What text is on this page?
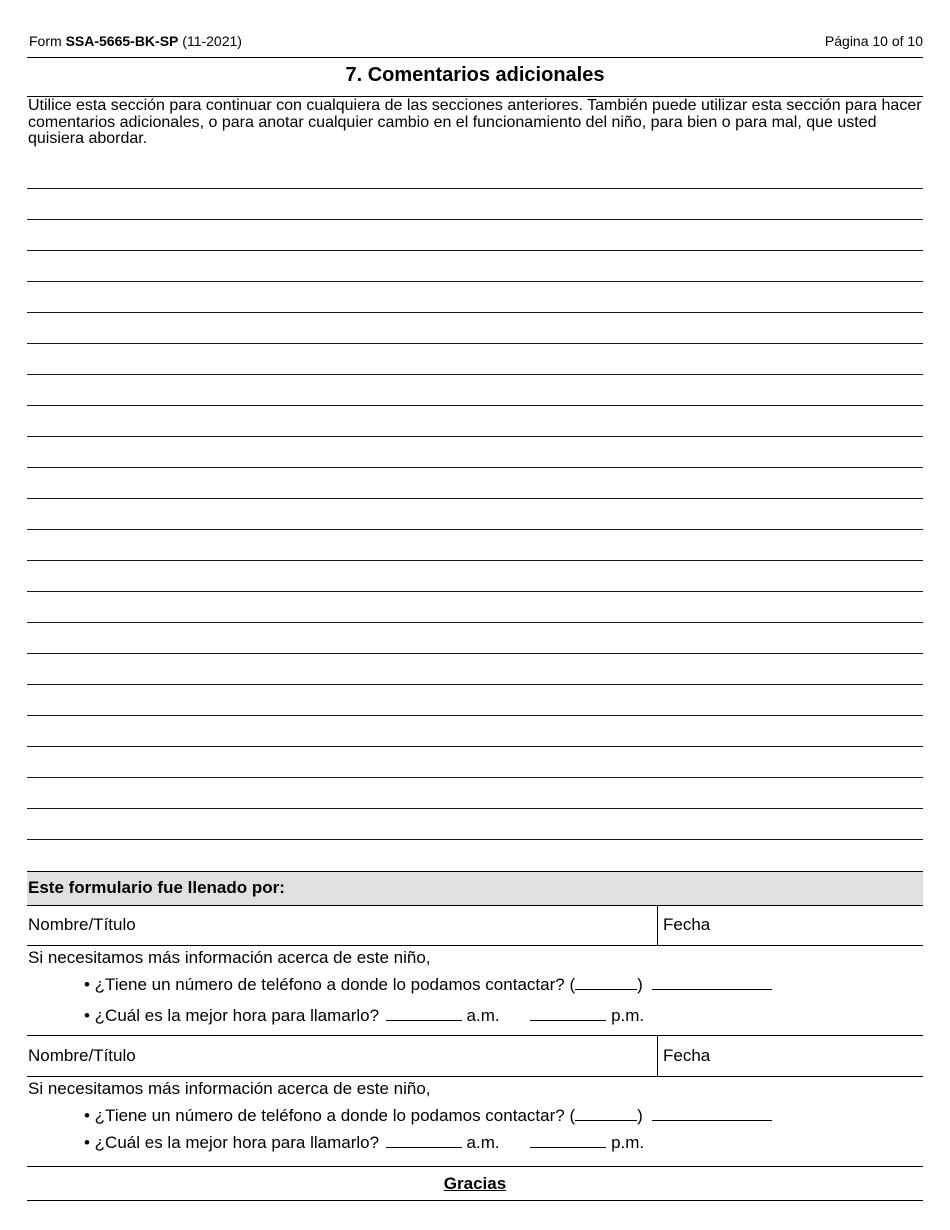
Form SSA-5665-BK-SP (11-2021)	Página 10 of 10
7. Comentarios adicionales
Utilice esta sección para continuar con cualquiera de las secciones anteriores. También puede utilizar esta sección para hacer comentarios adicionales, o para anotar cualquier cambio en el funcionamiento del niño, para bien o para mal, que usted quisiera abordar.
Este formulario fue llenado por:
Nombre/Título	Fecha
Si necesitamos más información acerca de este niño,
• ¿Tiene un número de teléfono a donde lo podamos contactar? (	)
• ¿Cuál es la mejor hora para llamarlo?	a.m.	p.m.
Nombre/Título	Fecha
Si necesitamos más información acerca de este niño,
• ¿Tiene un número de teléfono a donde lo podamos contactar? (	)
• ¿Cuál es la mejor hora para llamarlo?	a.m.	p.m.
Gracias
